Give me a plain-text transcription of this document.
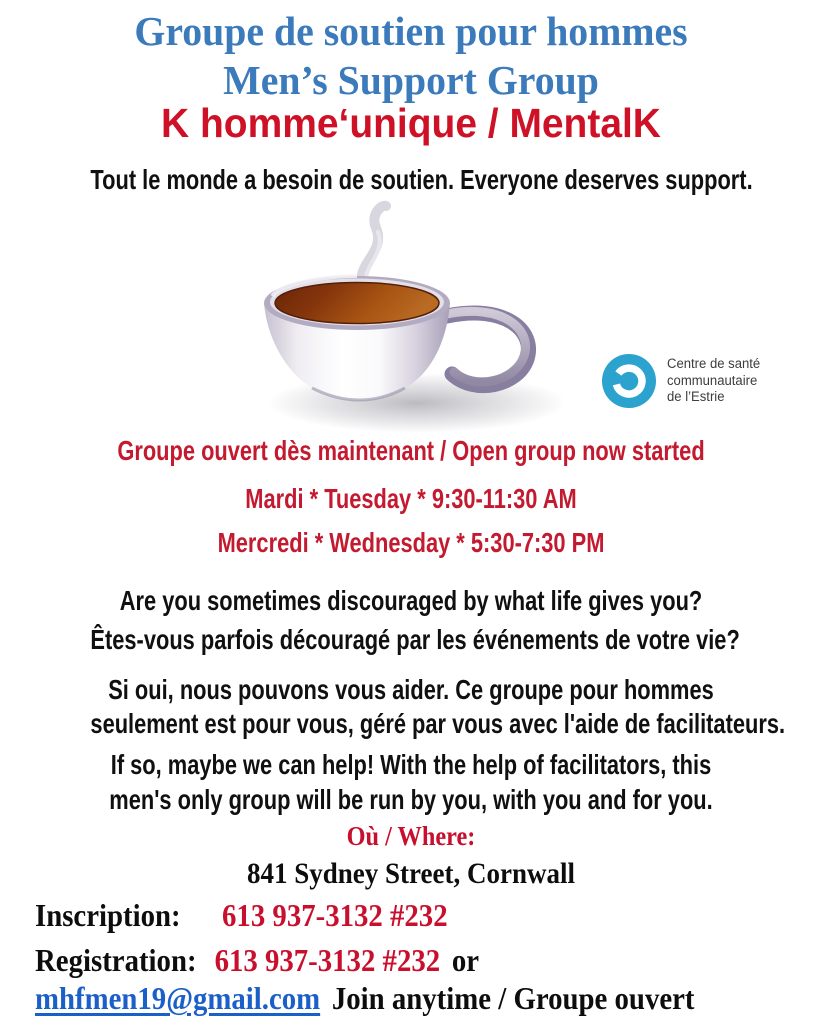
Groupe de soutien pour hommes
Men’s Support Group
K homme‘unique / MentalK
Tout le monde a besoin de soutien. Everyone deserves support.
Centre de santé
communautaire
de l’Estrie
Groupe ouvert dès maintenant / Open group now started
Mardi * Tuesday * 9:30-11:30 AM
Mercredi * Wednesday * 5:30-7:30 PM
Are you sometimes discouraged by what life gives you?
Êtes-vous parfois découragé par les événements de votre vie?
Si oui, nous pouvons vous aider. Ce groupe pour hommes
seulement est pour vous, géré par vous avec l'aide de facilitateurs.
If so, maybe we can help! With the help of facilitators, this
men's only group will be run by you, with you and for you.
Où / Where:
841 Sydney Street, Cornwall
Inscription: 613 937-3132 #232
Registration: 613 937-3132 #232 or
mhfmen19@gmail.com Join anytime / Groupe ouvert
